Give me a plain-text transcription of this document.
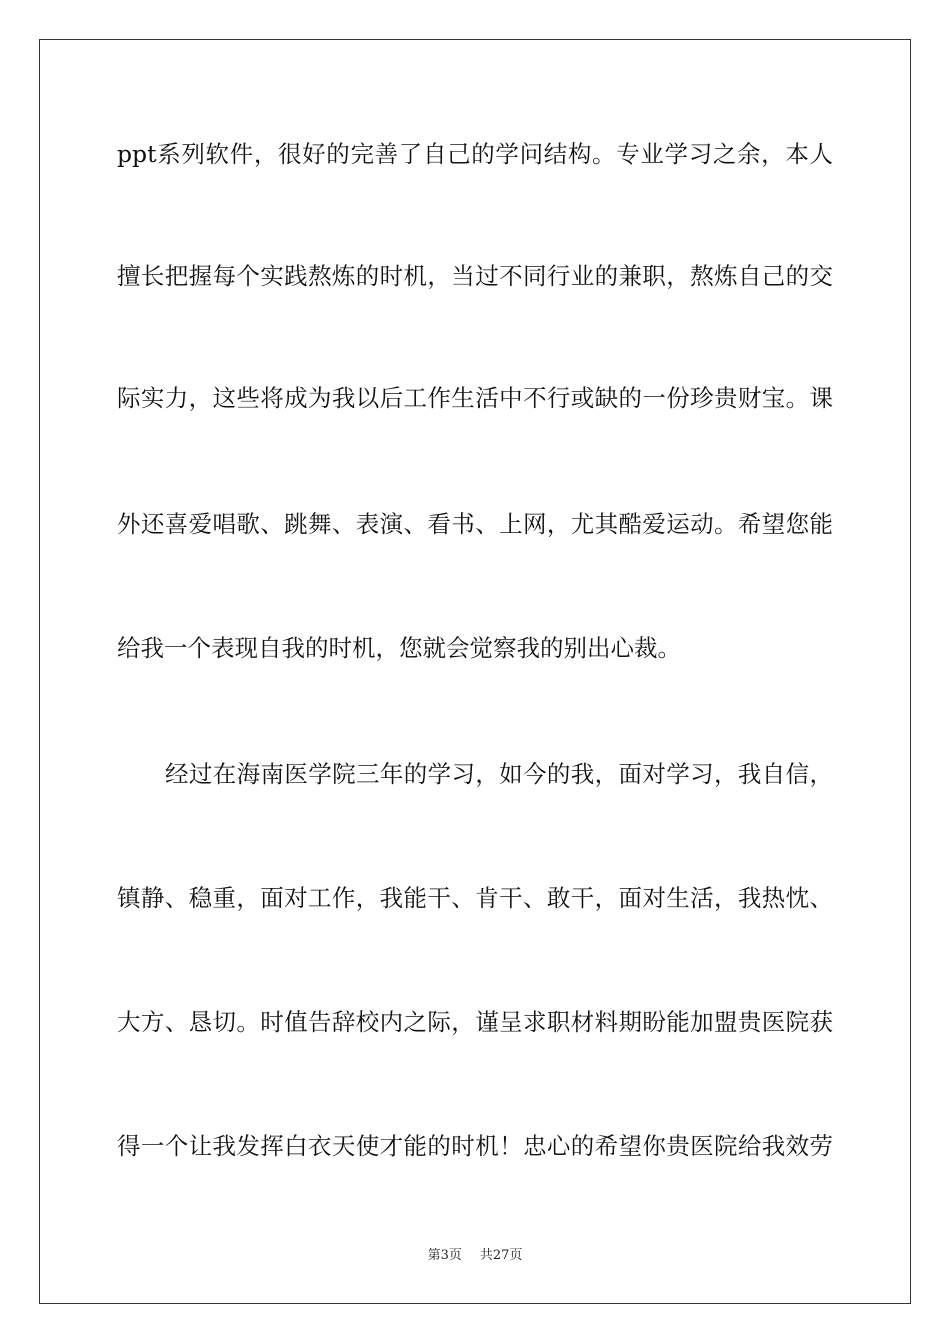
ppt系列软件，很好的完善了自己的学问结构。专业学习之余，本人
擅长把握每个实践熬炼的时机，当过不同行业的兼职，熬炼自己的交
际实力，这些将成为我以后工作生活中不行或缺的一份珍贵财宝。课
外还喜爱唱歌、跳舞、表演、看书、上网，尤其酷爱运动。希望您能
给我一个表现自我的时机，您就会觉察我的别出心裁。
经过在海南医学院三年的学习，如今的我，面对学习，我自信，
镇静、稳重，面对工作，我能干、肯干、敢干，面对生活，我热忱、
大方、恳切。时值告辞校内之际，谨呈求职材料期盼能加盟贵医院获
得一个让我发挥白衣天使才能的时机！忠心的希望你贵医院给我效劳
第3页 共27页
